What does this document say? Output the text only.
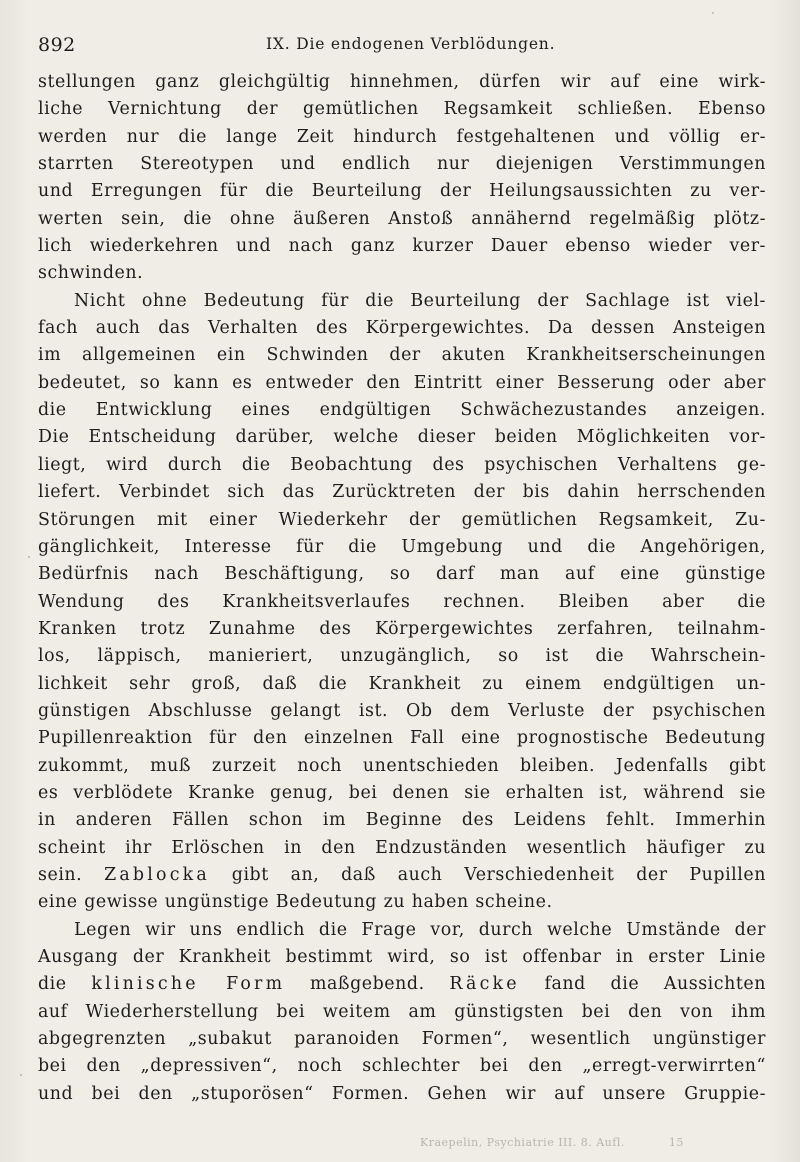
892	IX. Die endogenen Verblödungen.
stellungen ganz gleichgültig hinnehmen, dürfen wir auf eine wirk-
liche Vernichtung der gemütlichen Regsamkeit schließen. Ebenso
werden nur die lange Zeit hindurch festgehaltenen und völlig er-
starrten Stereotypen und endlich nur diejenigen Verstimmungen
und Erregungen für die Beurteilung der Heilungsaussichten zu ver-
werten sein, die ohne äußeren Anstoß annähernd regelmäßig plötz-
lich wiederkehren und nach ganz kurzer Dauer ebenso wieder ver-
schwinden.
Nicht ohne Bedeutung für die Beurteilung der Sachlage ist viel-
fach auch das Verhalten des Körpergewichtes. Da dessen Ansteigen
im allgemeinen ein Schwinden der akuten Krankheitserscheinungen
bedeutet, so kann es entweder den Eintritt einer Besserung oder aber
die Entwicklung eines endgültigen Schwächezustandes anzeigen.
Die Entscheidung darüber, welche dieser beiden Möglichkeiten vor-
liegt, wird durch die Beobachtung des psychischen Verhaltens ge-
liefert. Verbindet sich das Zurücktreten der bis dahin herrschenden
Störungen mit einer Wiederkehr der gemütlichen Regsamkeit, Zu-
gänglichkeit, Interesse für die Umgebung und die Angehörigen,
Bedürfnis nach Beschäftigung, so darf man auf eine günstige
Wendung des Krankheitsverlaufes rechnen. Bleiben aber die
Kranken trotz Zunahme des Körpergewichtes zerfahren, teilnahm-
los, läppisch, manieriert, unzugänglich, so ist die Wahrschein-
lichkeit sehr groß, daß die Krankheit zu einem endgültigen un-
günstigen Abschlusse gelangt ist. Ob dem Verluste der psychischen
Pupillenreaktion für den einzelnen Fall eine prognostische Bedeutung
zukommt, muß zurzeit noch unentschieden bleiben. Jedenfalls gibt
es verblödete Kranke genug, bei denen sie erhalten ist, während sie
in anderen Fällen schon im Beginne des Leidens fehlt. Immerhin
scheint ihr Erlöschen in den Endzuständen wesentlich häufiger zu
sein. Zablocka gibt an, daß auch Verschiedenheit der Pupillen
eine gewisse ungünstige Bedeutung zu haben scheine.
Legen wir uns endlich die Frage vor, durch welche Umstände der
Ausgang der Krankheit bestimmt wird, so ist offenbar in erster Linie
die klinische Form maßgebend. Räcke fand die Aussichten
auf Wiederherstellung bei weitem am günstigsten bei den von ihm
abgegrenzten „subakut paranoiden Formen“, wesentlich ungünstiger
bei den „depressiven“, noch schlechter bei den „erregt-verwirrten“
und bei den „stuporösen“ Formen. Gehen wir auf unsere Gruppie-
Kraepelin, Psychiatrie III. 8. Aufl.	15
